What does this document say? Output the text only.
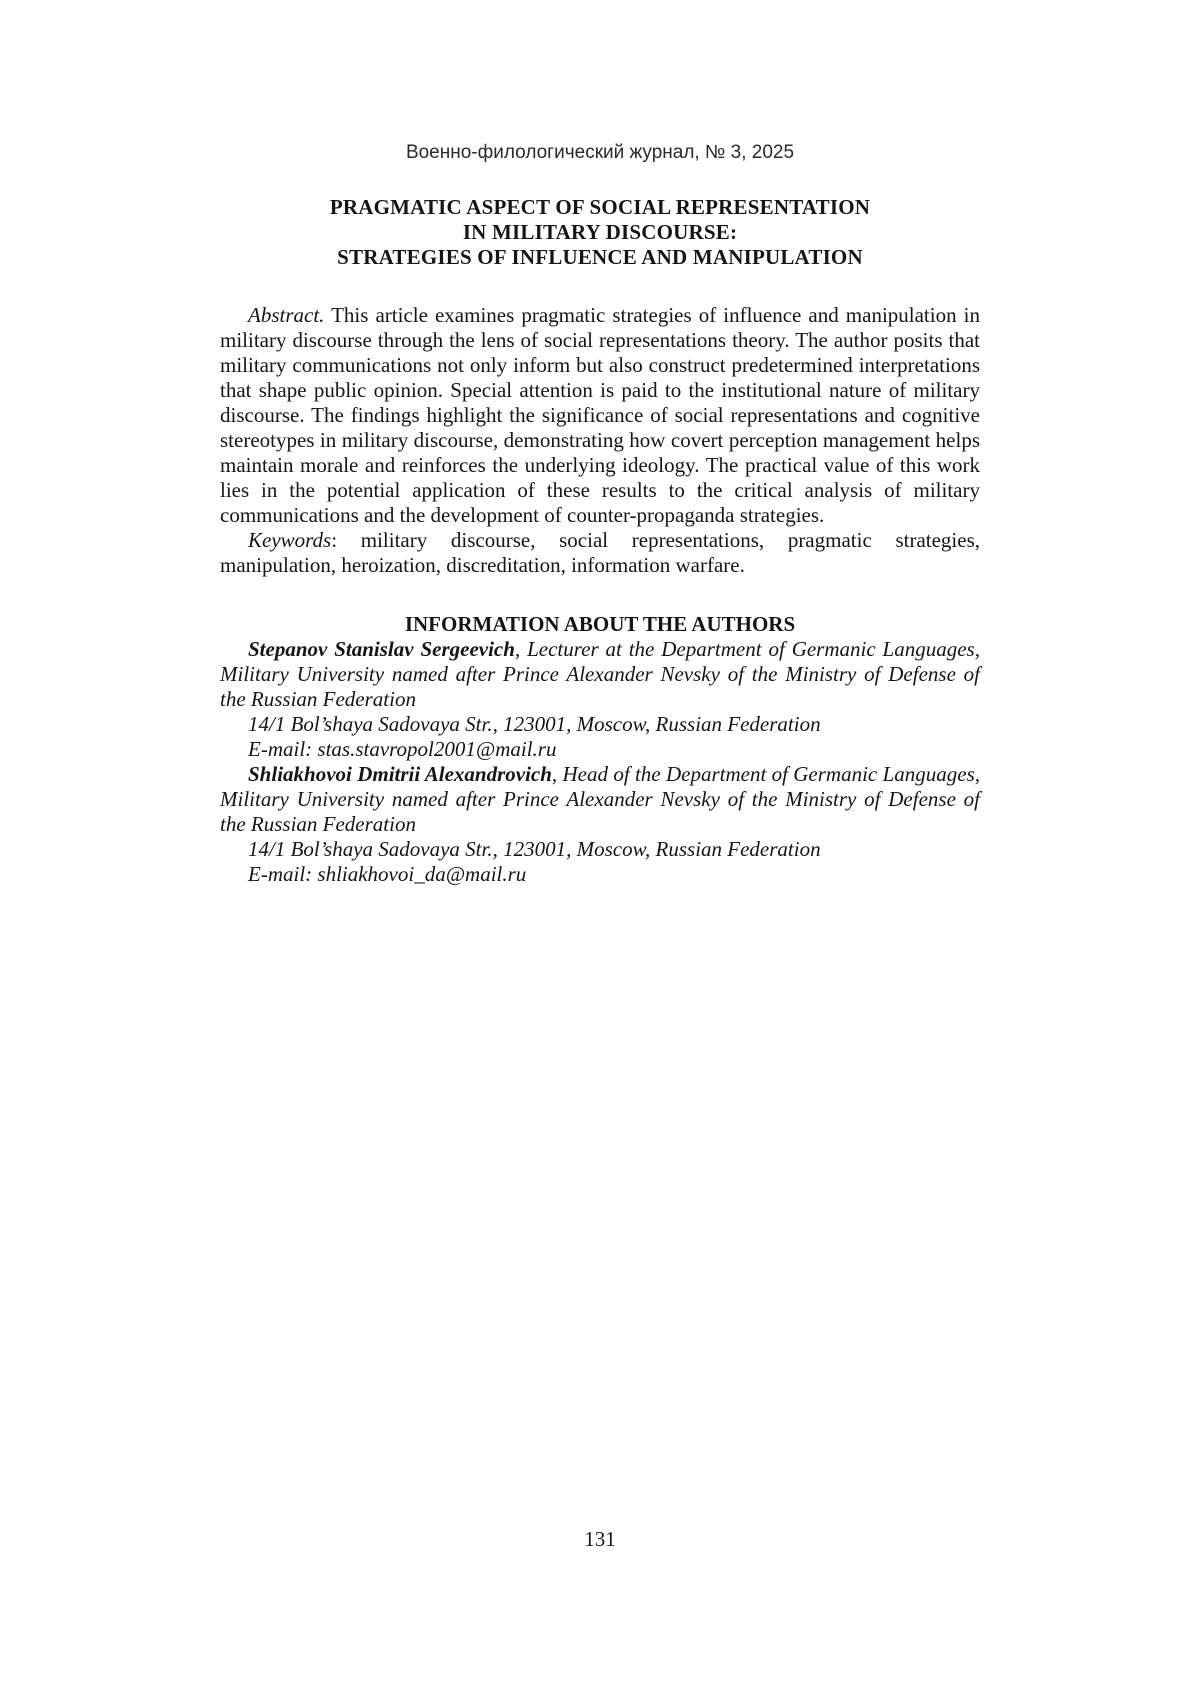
Военно-филологический журнал, № 3, 2025
PRAGMATIC ASPECT OF SOCIAL REPRESENTATION
IN MILITARY DISCOURSE:
STRATEGIES OF INFLUENCE AND MANIPULATION

Abstract. This article examines pragmatic strategies of influence and manipulation in military discourse through the lens of social representations theory. The author posits that military communications not only inform but also construct predetermined interpretations that shape public opinion. Special attention is paid to the institutional nature of military discourse. The findings highlight the significance of social representations and cognitive stereotypes in military discourse, demonstrating how covert perception management helps maintain morale and reinforces the underlying ideology. The practical value of this work lies in the potential application of these results to the critical analysis of military communications and the development of counter-propaganda strategies.

Keywords: military discourse, social representations, pragmatic strategies, manipulation, heroization, discreditation, information warfare.

INFORMATION ABOUT THE AUTHORS

Stepanov Stanislav Sergeevich, Lecturer at the Department of Germanic Languages, Military University named after Prince Alexander Nevsky of the Ministry of Defense of the Russian Federation

14/1 Bol’shaya Sadovaya Str., 123001, Moscow, Russian Federation
E-mail: stas.stavropol2001@mail.ru

Shliakhovoi Dmitrii Alexandrovich, Head of the Department of Germanic Languages, Military University named after Prince Alexander Nevsky of the Ministry of Defense of the Russian Federation

14/1 Bol’shaya Sadovaya Str., 123001, Moscow, Russian Federation
E-mail: shliakhovoi_da@mail.ru
131
